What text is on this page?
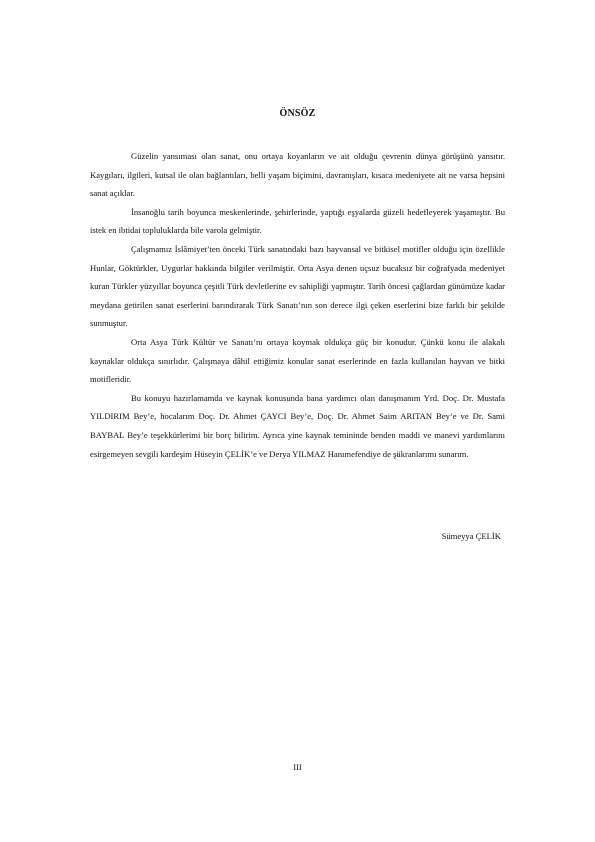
ÖNSÖZ

Güzelin yansıması olan sanat, onu ortaya koyanların ve ait olduğu çevrenin dünya görüşünü yansıtır. Kaygıları, ilgileri, kutsal ile olan bağlantıları, belli yaşam biçimini, davranışları, kısaca medeniyete ait ne varsa hepsini sanat açıklar.

İnsanoğlu tarih boyunca meskenlerinde, şehirlerinde, yaptığı eşyalarda güzeli hedefleyerek yaşamıştır. Bu istek en ibtidai topluluklarda bile varola gelmiştir.

Çalışmamız İslâmiyet’ten önceki Türk sanatındaki bazı hayvansal ve bitkisel motifler olduğu için özellikle Hunlar, Göktürkler, Uygurlar hakkında bilgiler verilmiştir. Orta Asya denen uçsuz bucaksız bir coğrafyada medeniyet kuran Türkler yüzyıllar boyunca çeşitli Türk devletlerine ev sahipliği yapmıştır. Tarih öncesi çağlardan günümüze kadar meydana getirilen sanat eserlerini barındırarak Türk Sanatı’nın son derece ilgi çeken eserlerini bize farklı bir şekilde sunmuştur.

Orta Asya Türk Kültür ve Sanatı’nı ortaya koymak oldukça güç bir konudur. Çünkü konu ile alakalı kaynaklar oldukça sınırlıdır. Çalışmaya dâhil ettiğimiz konular sanat eserlerinde en fazla kullanılan hayvan ve bitki motifleridir.

Bu konuyu hazırlamamda ve kaynak konusunda bana yardımcı olan danışmanım Yrd. Doç. Dr. Mustafa YILDIRIM Bey’e, hocalarım Doç. Dr. Ahmet ÇAYCI Bey’e, Doç. Dr. Ahmet Saim ARITAN Bey’e ve Dr. Sami BAYBAL Bey’e teşekkürlerimi bir borç bilirim. Ayrıca yine kaynak temininde benden maddi ve manevi yardımlarını esirgemeyen sevgili kardeşim Hüseyin ÇELİK’e ve Derya YILMAZ Hanımefendiye de şükranlarımı sunarım.

Sümeyya ÇELİK
III
